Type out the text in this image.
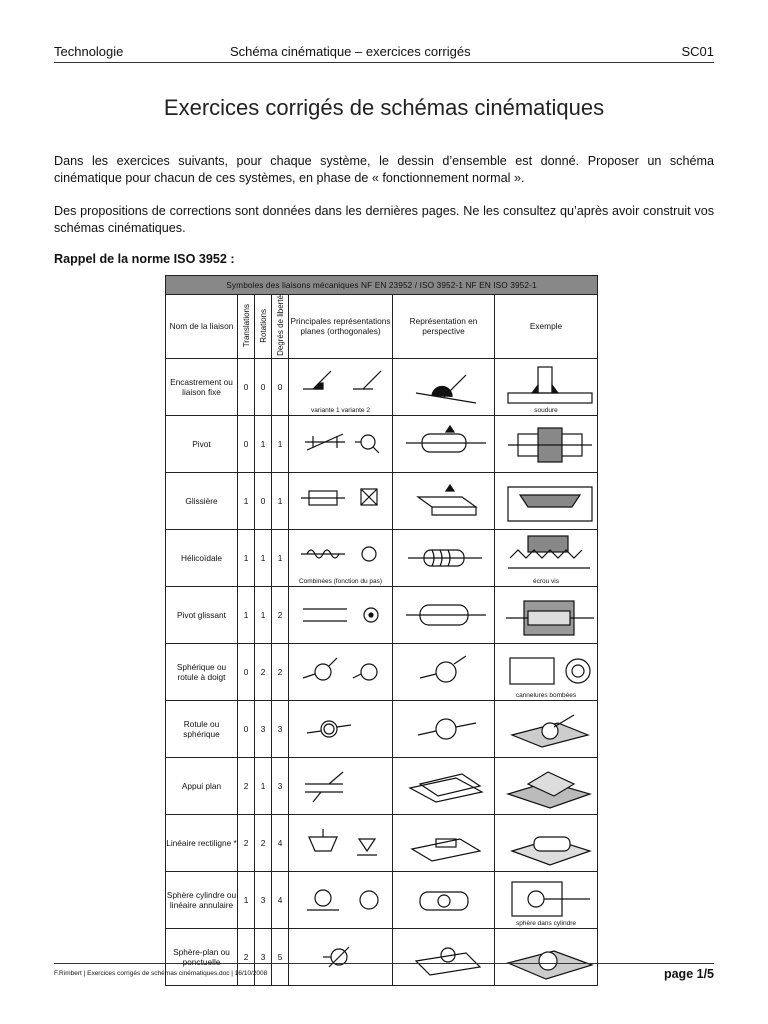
Technologie	Schéma cinématique – exercices corrigés	SC01
Exercices corrigés de schémas cinématiques
Dans les exercices suivants, pour chaque système, le dessin d’ensemble est donné. Proposer un schéma cinématique pour chacun de ces systèmes, en phase de « fonctionnement normal ».
Des propositions de corrections sont données dans les dernières pages. Ne les consultez qu’après avoir construit vos schémas cinématiques.
Rappel de la norme ISO 3952 :
Symboles des liaisons mécaniques NF EN 23952 / ISO 3952-1 NF EN ISO 3952-1						
Nom de la liaison	Translations	Rotations	Degrés de liberté	Principales représentations planes (orthogonales)	Représentation en perspective	Exemple
Encastrement ou liaison fixe	0	0	0	variante 1 variante 2		soudure

Pivot	0	1	1	

Glissière	1	0	1	

Hélicoïdale	1	1	1	Combinées (fonction du pas)		écrou vis

Pivot glissant	1	1	2	

Sphérique ou rotule à doigt	0	2	2			cannelures bombées

Rotule ou sphérique	0	3	3	

Appui plan	2	1	3	

Linéaire rectiligne *	2	2	4	

Sphère cylindre ou linéaire annulaire	1	3	4			sphère dans cylindre

Sphère-plan ou ponctuelle	2	3	5	

F.Rimbert | Exercices corrigés de schémas cinématiques.doc | 16/10/2008	page 1/5
